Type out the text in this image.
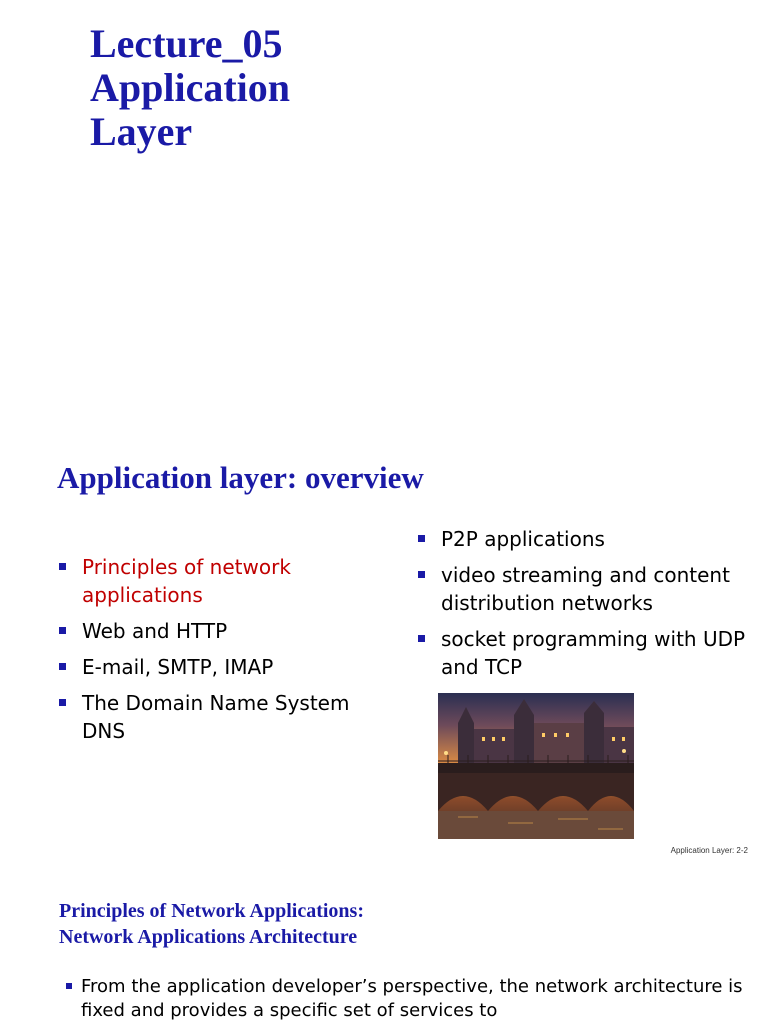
Lecture_05
Application
Layer
Application layer: overview
Principles of network applications
Web and HTTP
E-mail, SMTP, IMAP
The Domain Name System DNS
P2P applications
video streaming and content distribution networks
socket programming with UDP and TCP
Application Layer: 2-2
Principles of Network Applications:
Network Applications Architecture
From the application developer’s perspective, the network architecture is fixed and provides a specific set of services to
